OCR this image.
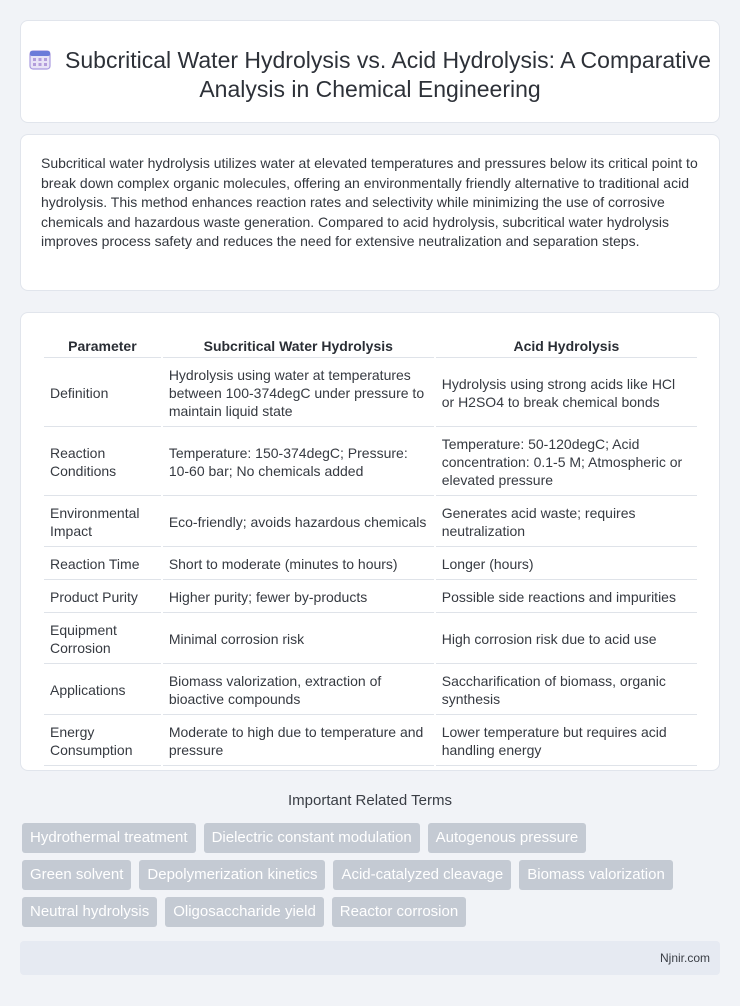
Subcritical Water Hydrolysis vs. Acid Hydrolysis: A Comparative Analysis in Chemical Engineering

Subcritical water hydrolysis utilizes water at elevated temperatures and pressures below its critical point to break down complex organic molecules, offering an environmentally friendly alternative to traditional acid hydrolysis. This method enhances reaction rates and selectivity while minimizing the use of corrosive chemicals and hazardous waste generation. Compared to acid hydrolysis, subcritical water hydrolysis improves process safety and reduces the need for extensive neutralization and separation steps.

Parameter	Subcritical Water Hydrolysis	Acid Hydrolysis
Definition	Hydrolysis using water at temperatures between 100-374degC under pressure to maintain liquid state	Hydrolysis using strong acids like HCl or H2SO4 to break chemical bonds
Reaction Conditions	Temperature: 150-374degC; Pressure: 10-60 bar; No chemicals added	Temperature: 50-120degC; Acid concentration: 0.1-5 M; Atmospheric or elevated pressure
Environmental Impact	Eco-friendly; avoids hazardous chemicals	Generates acid waste; requires neutralization
Reaction Time	Short to moderate (minutes to hours)	Longer (hours)
Product Purity	Higher purity; fewer by-products	Possible side reactions and impurities
Equipment Corrosion	Minimal corrosion risk	High corrosion risk due to acid use
Applications	Biomass valorization, extraction of bioactive compounds	Saccharification of biomass, organic synthesis
Energy Consumption	Moderate to high due to temperature and pressure	Lower temperature but requires acid handling energy
Important Related Terms
Hydrothermal treatment	Dielectric constant modulation	Autogenous pressure
Green solvent	Depolymerization kinetics	Acid-catalyzed cleavage	Biomass valorization
Neutral hydrolysis	Oligosaccharide yield	Reactor corrosion
Njnir.com
